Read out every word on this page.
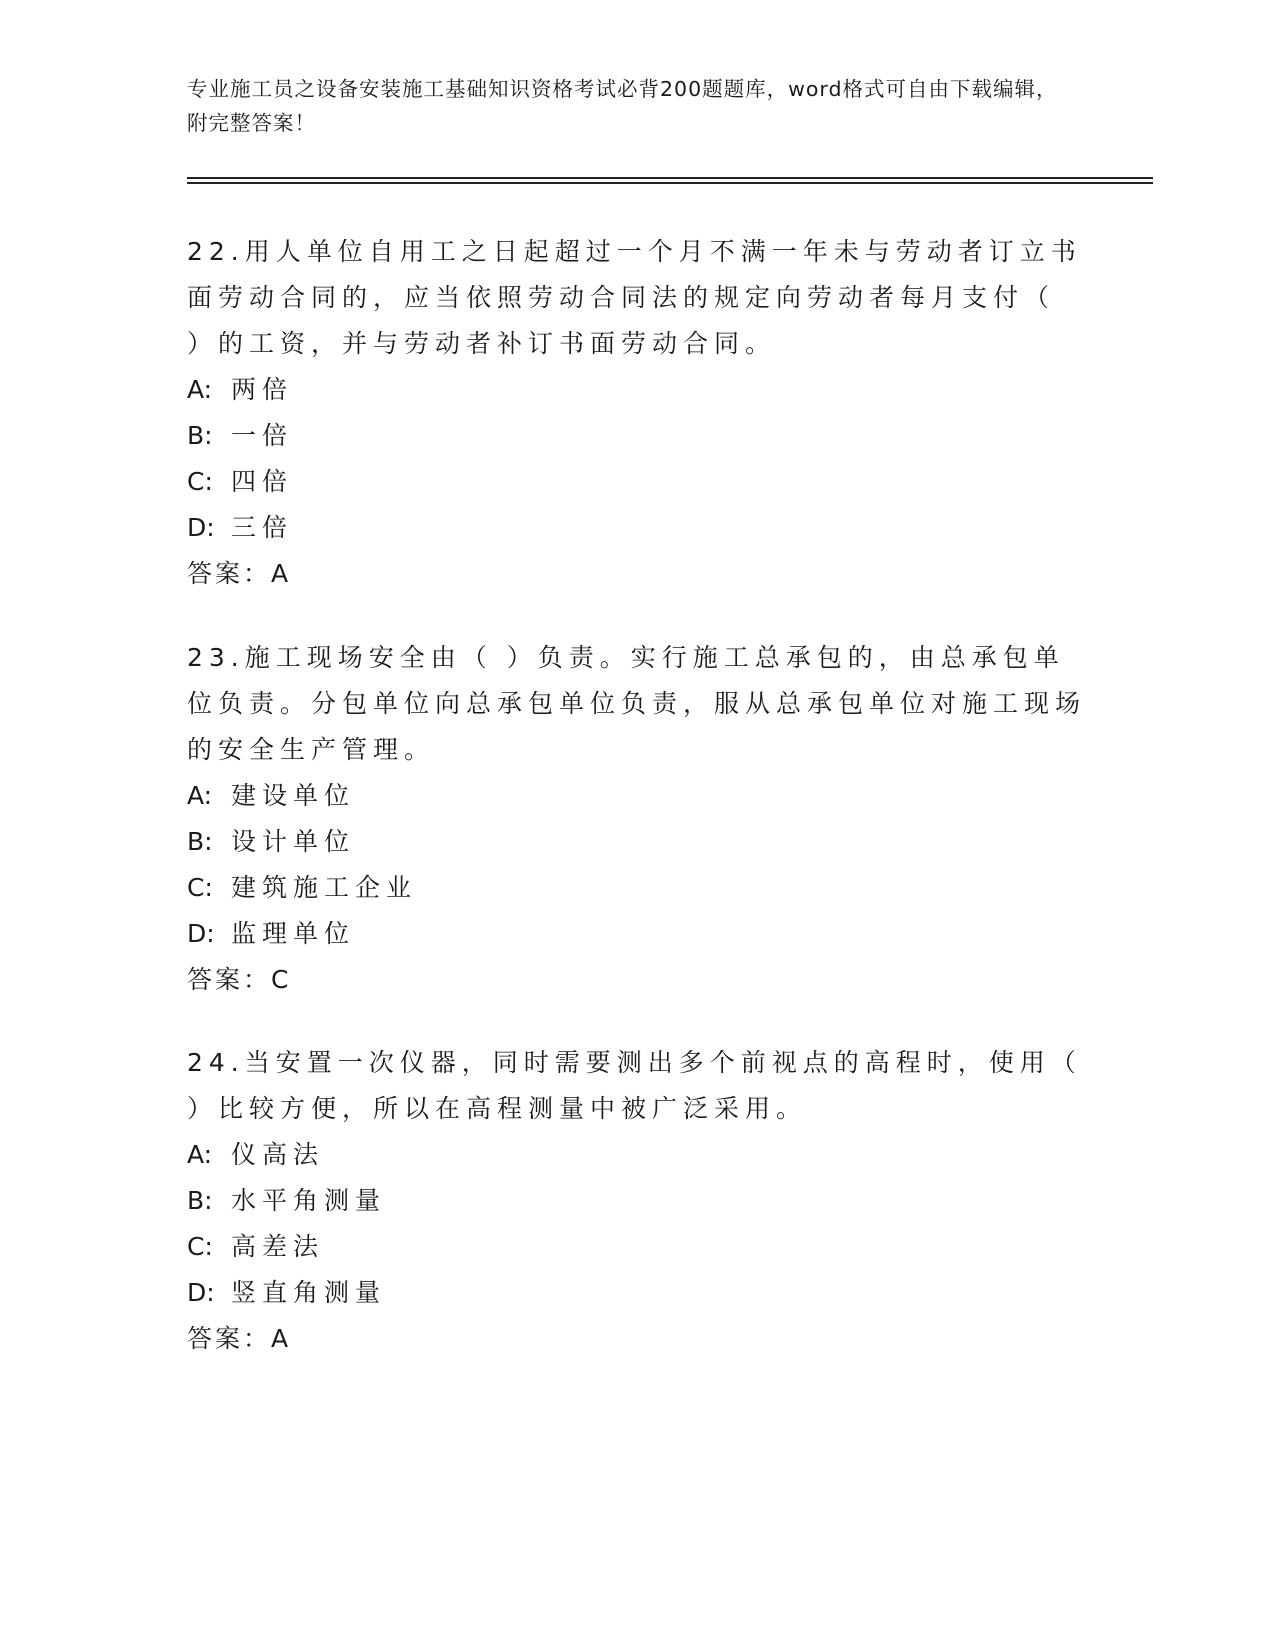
专业施工员之设备安装施工基础知识资格考试必背200题题库，word格式可自由下载编辑，附完整答案！
22.用人单位自用工之日起超过一个月不满一年未与劳动者订立书面劳动合同的，应当依照劳动合同法的规定向劳动者每月支付（ ）的工资，并与劳动者补订书面劳动合同。
A: 两倍
B: 一倍
C: 四倍
D: 三倍
答案：A
23.施工现场安全由（ ）负责。实行施工总承包的，由总承包单位负责。分包单位向总承包单位负责，服从总承包单位对施工现场的安全生产管理。
A: 建设单位
B: 设计单位
C: 建筑施工企业
D: 监理单位
答案：C
24.当安置一次仪器，同时需要测出多个前视点的高程时，使用（ ）比较方便，所以在高程测量中被广泛采用。
A: 仪高法
B: 水平角测量
C: 高差法
D: 竖直角测量
答案：A
